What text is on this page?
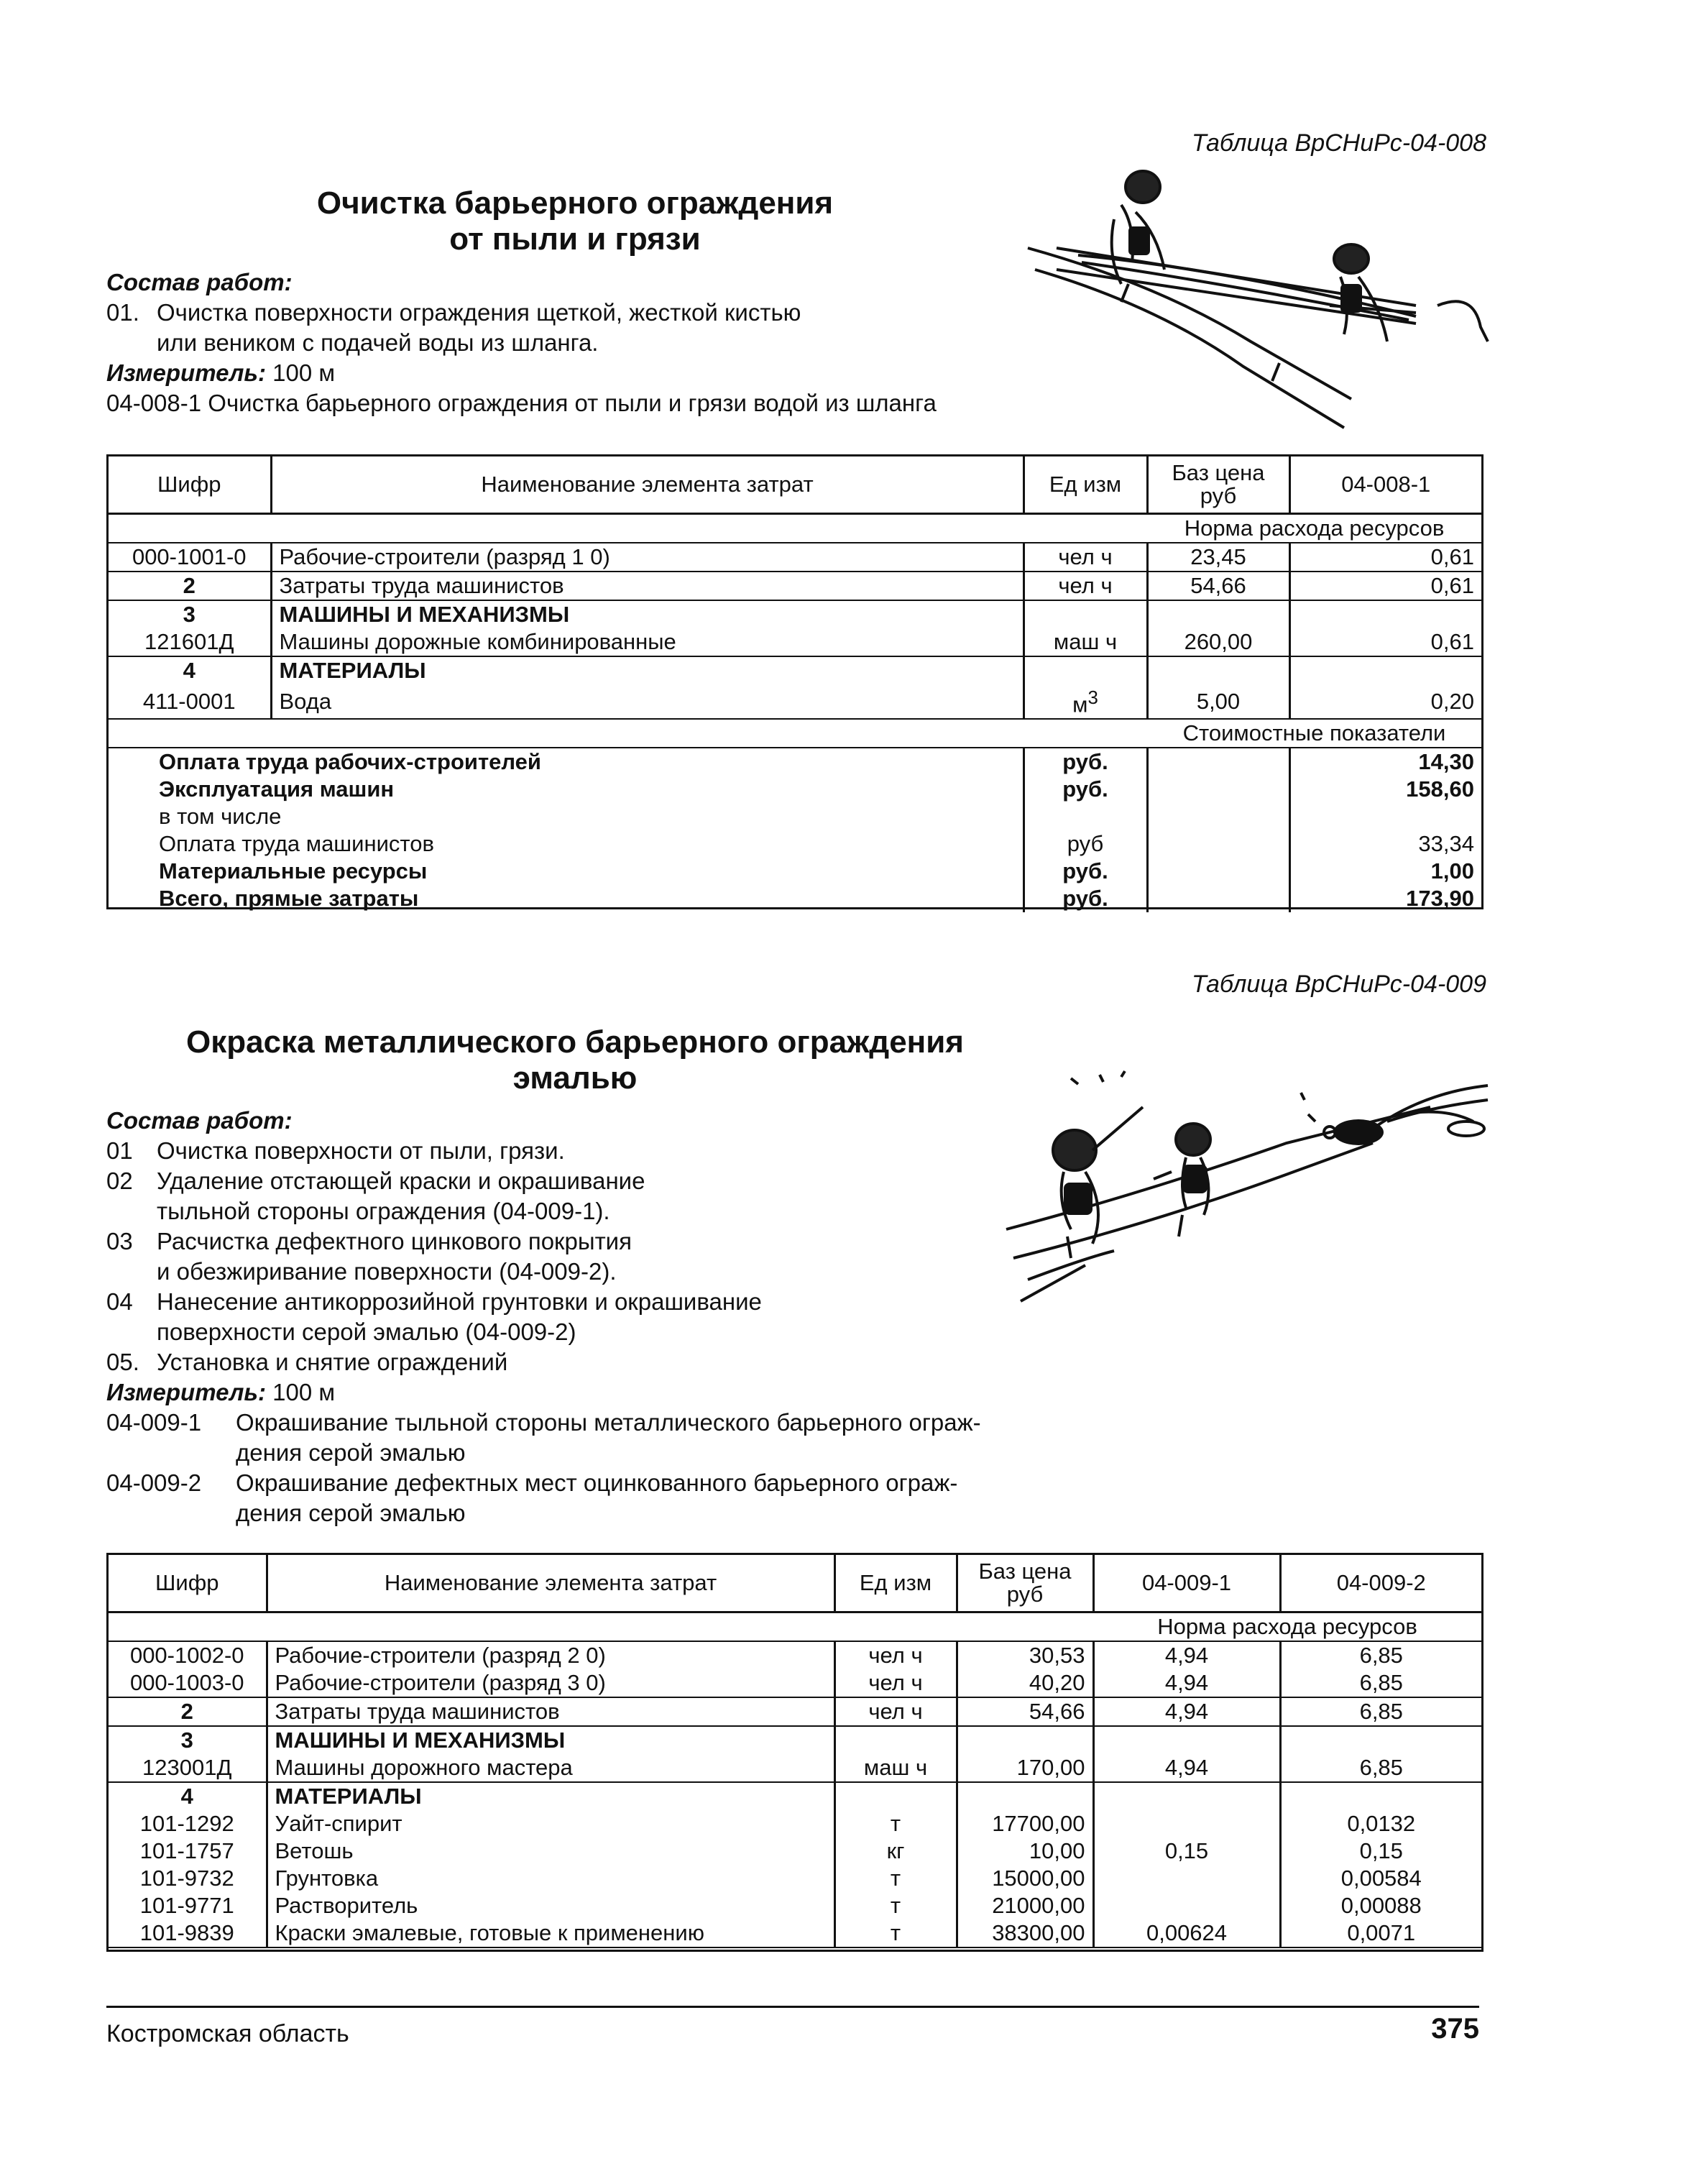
Таблица ВрСНиРс-04-008
Очистка барьерного ограждения
от пыли и грязи
Состав работ:
01. Очистка поверхности ограждения щеткой, жесткой кистью
или веником с подачей воды из шланга.
Измеритель: 100 м
04-008-1 Очистка барьерного ограждения от пыли и грязи водой из шланга
Шифр	Наименование элемента затрат	Ед изм	Баз цена
руб	04-008-1
			Норма расхода ресурсов	
000-1001-0	Рабочие-строители (разряд 1 0)	чел ч	23,45	0,61
2	Затраты труда машинистов	чел ч	54,66	0,61
3	МАШИНЫ И МЕХАНИЗМЫ			
121601Д	Машины дорожные комбинированные	маш ч	260,00	0,61
4	МАТЕРИАЛЫ			
411-0001	Вода	$м^3$	5,00	0,20
			Стоимостные показатели	
Оплата труда рабочих-строителей		руб.		14,30
Эксплуатация машин		руб.		158,60
в том числе				
Оплата труда машинистов		руб		33,34
Материальные ресурсы		руб.		1,00
Всего, прямые затраты		руб.		173,90
Таблица ВрСНиРс-04-009
Окраска металлического барьерного ограждения
эмалью
Состав работ:
01 Очистка поверхности от пыли, грязи.
02 Удаление отстающей краски и окрашивание
тыльной стороны ограждения (04-009-1).
03 Расчистка дефектного цинкового покрытия
и обезжиривание поверхности (04-009-2).
04 Нанесение антикоррозийной грунтовки и окрашивание
поверхности серой эмалью (04-009-2)
05. Установка и снятие ограждений
Измеритель: 100 м
04-009-1 Окрашивание тыльной стороны металлического барьерного ограж-
дения серой эмалью
04-009-2 Окрашивание дефектных мест оцинкованного барьерного ограж-
дения серой эмалью
Шифр	Наименование элемента затрат	Ед изм	Баз цена
руб	04-009-1	04-009-2
				Норма расхода ресурсов	
000-1002-0	Рабочие-строители (разряд 2 0)	чел ч	30,53	4,94	6,85
000-1003-0	Рабочие-строители (разряд 3 0)	чел ч	40,20	4,94	6,85
2	Затраты труда машинистов	чел ч	54,66	4,94	6,85
3	МАШИНЫ И МЕХАНИЗМЫ				
123001Д	Машины дорожного мастера	маш ч	170,00	4,94	6,85
4	МАТЕРИАЛЫ				
101-1292	Уайт-спирит	т	17700,00		0,0132
101-1757	Ветошь	кг	10,00	0,15	0,15
101-9732	Грунтовка	т	15000,00		0,00584
101-9771	Растворитель	т	21000,00		0,00088
101-9839	Краски эмалевые, готовые к применению	т	38300,00	0,00624	0,0071
Костромская область	375
